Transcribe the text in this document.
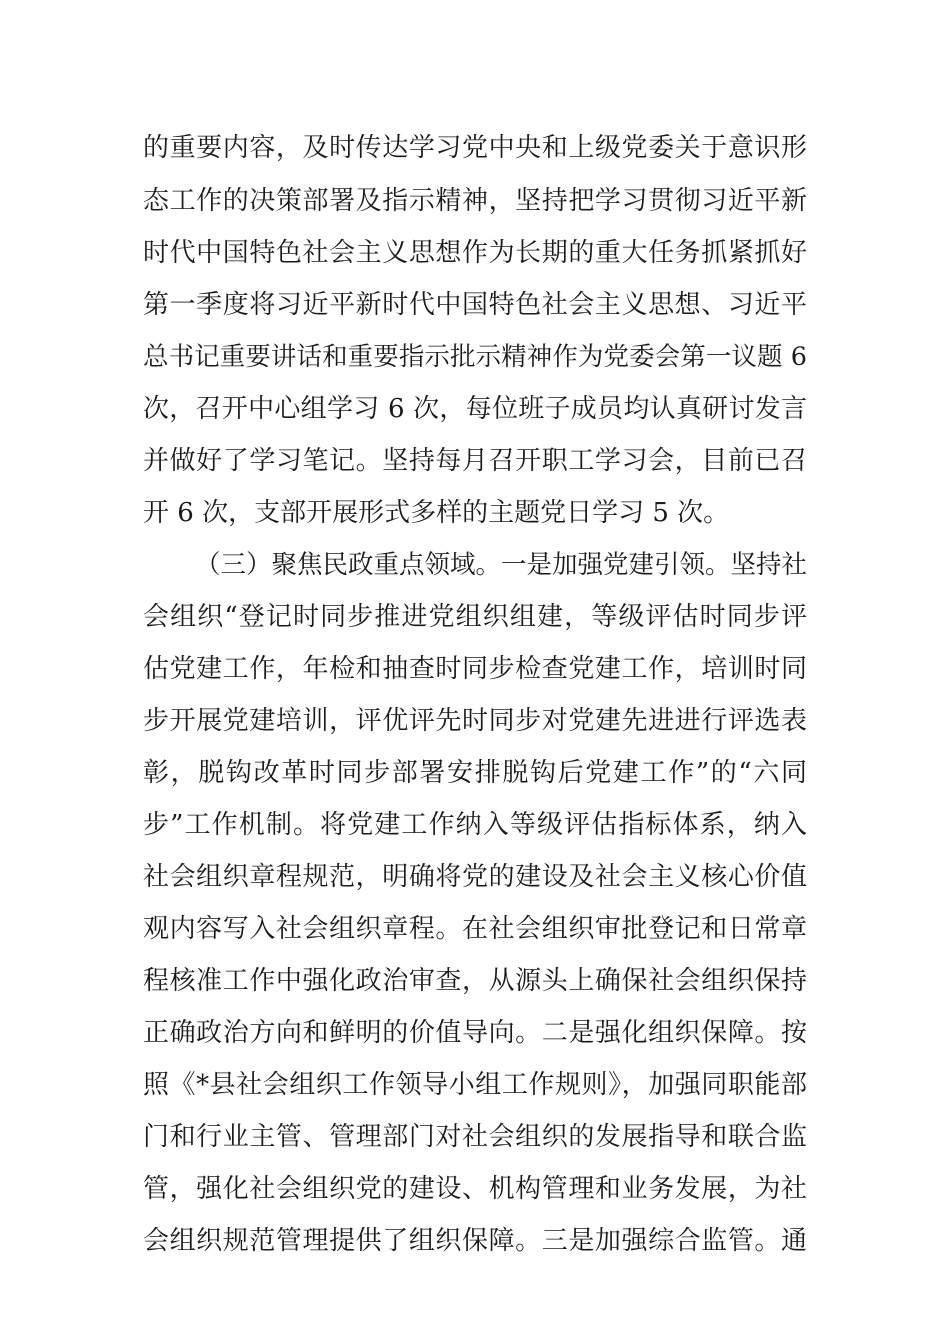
的重要内容，及时传达学习党中央和上级党委关于意识形
态工作的决策部署及指示精神，坚持把学习贯彻习近平新
时代中国特色社会主义思想作为长期的重大任务抓紧抓好
第一季度将习近平新时代中国特色社会主义思想、习近平
总书记重要讲话和重要指示批示精神作为党委会第一议题 6
次，召开中心组学习 6 次，每位班子成员均认真研讨发言
并做好了学习笔记。坚持每月召开职工学习会，目前已召
开 6 次，支部开展形式多样的主题党日学习 5 次。
（三）聚焦民政重点领域。一是加强党建引领。坚持社
会组织“登记时同步推进党组织组建，等级评估时同步评
估党建工作，年检和抽查时同步检查党建工作，培训时同
步开展党建培训，评优评先时同步对党建先进进行评选表
彰，脱钩改革时同步部署安排脱钩后党建工作”的“六同
步”工作机制。将党建工作纳入等级评估指标体系，纳入
社会组织章程规范，明确将党的建设及社会主义核心价值
观内容写入社会组织章程。在社会组织审批登记和日常章
程核准工作中强化政治审查，从源头上确保社会组织保持
正确政治方向和鲜明的价值导向。二是强化组织保障。按
照《*县社会组织工作领导小组工作规则》，加强同职能部
门和行业主管、管理部门对社会组织的发展指导和联合监
管，强化社会组织党的建设、机构管理和业务发展，为社
会组织规范管理提供了组织保障。三是加强综合监管。通
